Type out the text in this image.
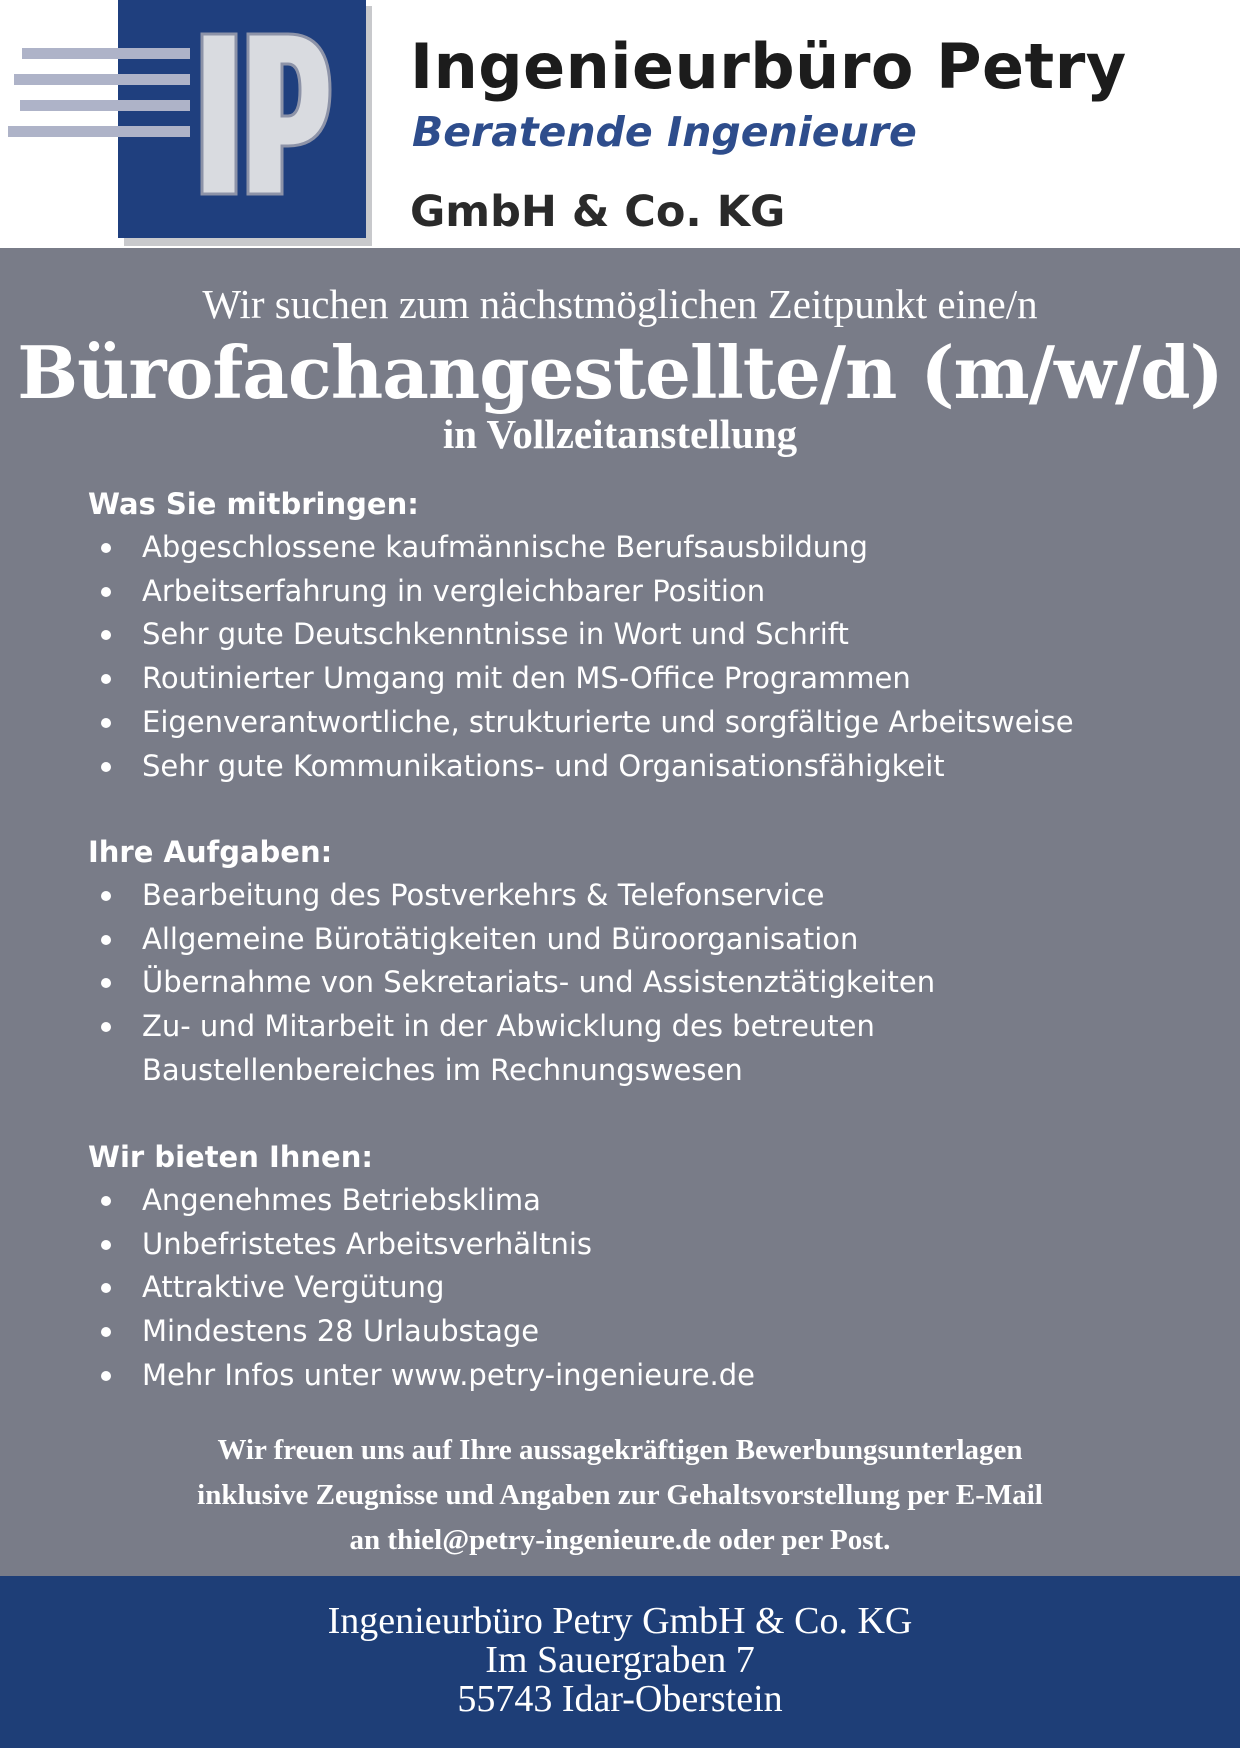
Ingenieurbüro Petry
Beratende Ingenieure
GmbH & Co. KG
Wir suchen zum nächstmöglichen Zeitpunkt eine/n
Bürofachangestellte/n (m/w/d)
in Vollzeitanstellung
Was Sie mitbringen:
Abgeschlossene kaufmännische Berufsausbildung
Arbeitserfahrung in vergleichbarer Position
Sehr gute Deutschkenntnisse in Wort und Schrift
Routinierter Umgang mit den MS-Office Programmen
Eigenverantwortliche, strukturierte und sorgfältige Arbeitsweise
Sehr gute Kommunikations- und Organisationsfähigkeit
Ihre Aufgaben:
Bearbeitung des Postverkehrs & Telefonservice
Allgemeine Bürotätigkeiten und Büroorganisation
Übernahme von Sekretariats- und Assistenztätigkeiten
Zu- und Mitarbeit in der Abwicklung des betreuten
Baustellenbereiches im Rechnungswesen
Wir bieten Ihnen:
Angenehmes Betriebsklima
Unbefristetes Arbeitsverhältnis
Attraktive Vergütung
Mindestens 28 Urlaubstage
Mehr Infos unter www.petry-ingenieure.de
Wir freuen uns auf Ihre aussagekräftigen Bewerbungsunterlagen
inklusive Zeugnisse und Angaben zur Gehaltsvorstellung per E-Mail
an thiel@petry-ingenieure.de oder per Post.
Ingenieurbüro Petry GmbH & Co. KG
Im Sauergraben 7
55743 Idar-Oberstein
